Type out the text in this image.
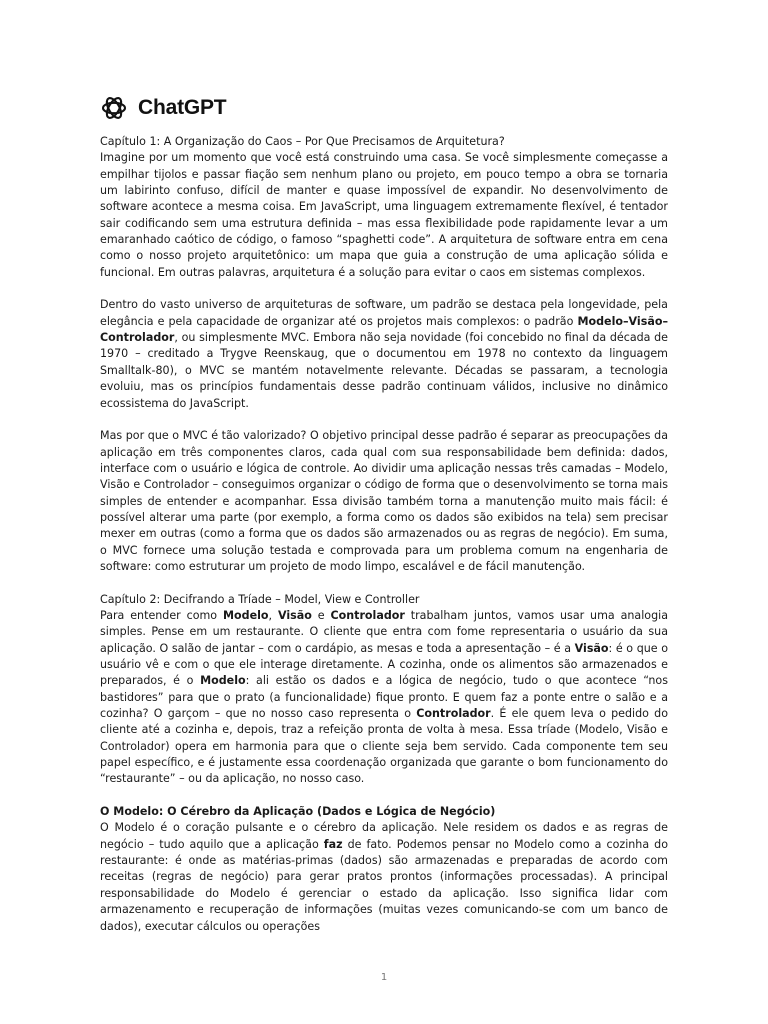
ChatGPT

Capítulo 1: A Organização do Caos – Por Que Precisamos de Arquitetura?

Imagine por um momento que você está construindo uma casa. Se você simplesmente começasse a empilhar tijolos e passar fiação sem nenhum plano ou projeto, em pouco tempo a obra se tornaria um labirinto confuso, difícil de manter e quase impossível de expandir. No desenvolvimento de software acontece a mesma coisa. Em JavaScript, uma linguagem extremamente flexível, é tentador sair codificando sem uma estrutura definida – mas essa flexibilidade pode rapidamente levar a um emaranhado caótico de código, o famoso “spaghetti code”. A arquitetura de software entra em cena como o nosso projeto arquitetônico: um mapa que guia a construção de uma aplicação sólida e funcional. Em outras palavras, arquitetura é a solução para evitar o caos em sistemas complexos.

Dentro do vasto universo de arquiteturas de software, um padrão se destaca pela longevidade, pela elegância e pela capacidade de organizar até os projetos mais complexos: o padrão Modelo–Visão–Controlador, ou simplesmente MVC. Embora não seja novidade (foi concebido no final da década de 1970 – creditado a Trygve Reenskaug, que o documentou em 1978 no contexto da linguagem Smalltalk-80), o MVC se mantém notavelmente relevante. Décadas se passaram, a tecnologia evoluiu, mas os princípios fundamentais desse padrão continuam válidos, inclusive no dinâmico ecossistema do JavaScript.

Mas por que o MVC é tão valorizado? O objetivo principal desse padrão é separar as preocupações da aplicação em três componentes claros, cada qual com sua responsabilidade bem definida: dados, interface com o usuário e lógica de controle. Ao dividir uma aplicação nessas três camadas – Modelo, Visão e Controlador – conseguimos organizar o código de forma que o desenvolvimento se torna mais simples de entender e acompanhar. Essa divisão também torna a manutenção muito mais fácil: é possível alterar uma parte (por exemplo, a forma como os dados são exibidos na tela) sem precisar mexer em outras (como a forma que os dados são armazenados ou as regras de negócio). Em suma, o MVC fornece uma solução testada e comprovada para um problema comum na engenharia de software: como estruturar um projeto de modo limpo, escalável e de fácil manutenção.

Capítulo 2: Decifrando a Tríade – Model, View e Controller

Para entender como Modelo, Visão e Controlador trabalham juntos, vamos usar uma analogia simples. Pense em um restaurante. O cliente que entra com fome representaria o usuário da sua aplicação. O salão de jantar – com o cardápio, as mesas e toda a apresentação – é a Visão: é o que o usuário vê e com o que ele interage diretamente. A cozinha, onde os alimentos são armazenados e preparados, é o Modelo: ali estão os dados e a lógica de negócio, tudo o que acontece “nos bastidores” para que o prato (a funcionalidade) fique pronto. E quem faz a ponte entre o salão e a cozinha? O garçom – que no nosso caso representa o Controlador. É ele quem leva o pedido do cliente até a cozinha e, depois, traz a refeição pronta de volta à mesa. Essa tríade (Modelo, Visão e Controlador) opera em harmonia para que o cliente seja bem servido. Cada componente tem seu papel específico, e é justamente essa coordenação organizada que garante o bom funcionamento do “restaurante” – ou da aplicação, no nosso caso.

O Modelo: O Cérebro da Aplicação (Dados e Lógica de Negócio)

O Modelo é o coração pulsante e o cérebro da aplicação. Nele residem os dados e as regras de negócio – tudo aquilo que a aplicação faz de fato. Podemos pensar no Modelo como a cozinha do restaurante: é onde as matérias-primas (dados) são armazenadas e preparadas de acordo com receitas (regras de negócio) para gerar pratos prontos (informações processadas). A principal responsabilidade do Modelo é gerenciar o estado da aplicação. Isso significa lidar com armazenamento e recuperação de informações (muitas vezes comunicando-se com um banco de dados), executar cálculos ou operações

1
